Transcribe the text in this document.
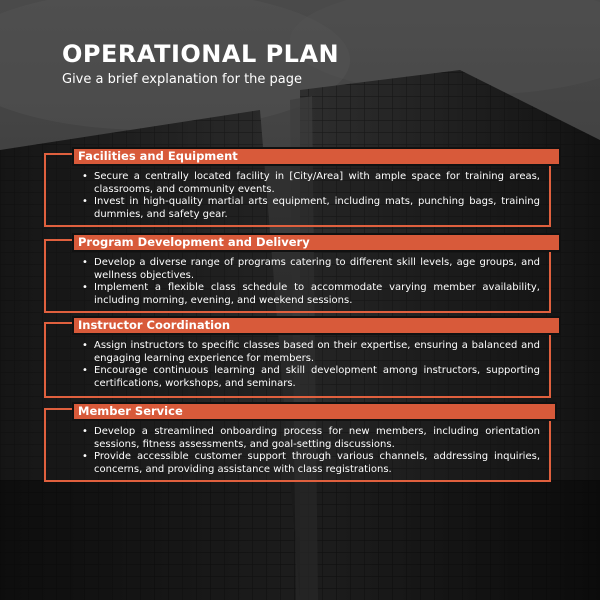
OPERATIONAL PLAN
Give a brief explanation for the page
Facilities and Equipment
• Secure a centrally located facility in [City/Area] with ample space for training areas, classrooms, and community events.
• Invest in high-quality martial arts equipment, including mats, punching bags, training dummies, and safety gear.
Program Development and Delivery
• Develop a diverse range of programs catering to different skill levels, age groups, and wellness objectives.
• Implement a flexible class schedule to accommodate varying member availability, including morning, evening, and weekend sessions.
Instructor Coordination
• Assign instructors to specific classes based on their expertise, ensuring a balanced and engaging learning experience for members.
• Encourage continuous learning and skill development among instructors, supporting certifications, workshops, and seminars.
Member Service
• Develop a streamlined onboarding process for new members, including orientation sessions, fitness assessments, and goal-setting discussions.
• Provide accessible customer support through various channels, addressing inquiries, concerns, and providing assistance with class registrations.
